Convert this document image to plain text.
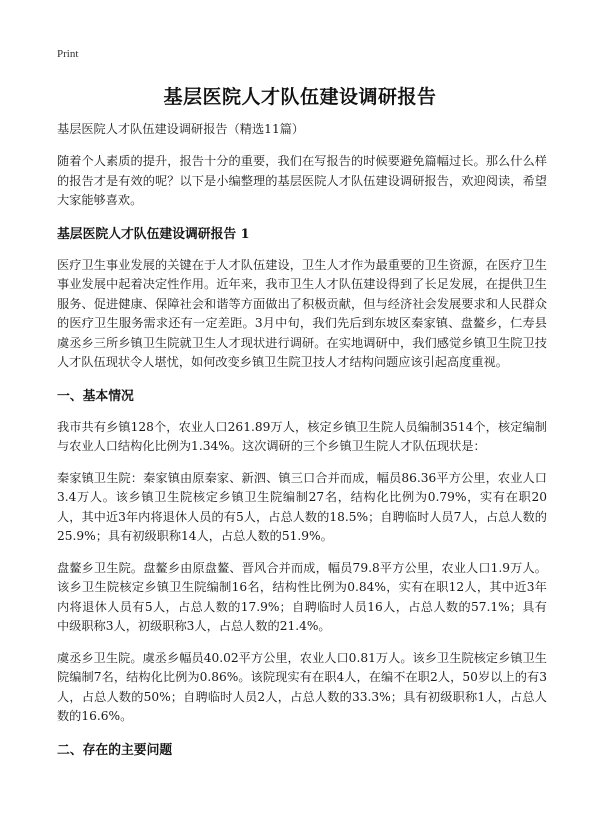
Print
基层医院人才队伍建设调研报告

基层医院人才队伍建设调研报告（精选11篇）

随着个人素质的提升，报告十分的重要，我们在写报告的时候要避免篇幅过长。那么什么样的报告才是有效的呢？以下是小编整理的基层医院人才队伍建设调研报告，欢迎阅读，希望大家能够喜欢。

基层医院人才队伍建设调研报告 1

医疗卫生事业发展的关键在于人才队伍建设，卫生人才作为最重要的卫生资源，在医疗卫生事业发展中起着决定性作用。近年来，我市卫生人才队伍建设得到了长足发展，在提供卫生服务、促进健康、保障社会和谐等方面做出了积极贡献，但与经济社会发展要求和人民群众的医疗卫生服务需求还有一定差距。3月中旬，我们先后到东坡区秦家镇、盘鳌乡，仁寿县虞丞乡三所乡镇卫生院就卫生人才现状进行调研。在实地调研中，我们感觉乡镇卫生院卫技人才队伍现状令人堪忧，如何改变乡镇卫生院卫技人才结构问题应该引起高度重视。

一、基本情况

我市共有乡镇128个，农业人口261.89万人，核定乡镇卫生院人员编制3514个，核定编制与农业人口结构化比例为1.34%。这次调研的三个乡镇卫生院人才队伍现状是：

秦家镇卫生院：秦家镇由原秦家、新泗、镇三口合并而成，幅员86.36平方公里，农业人口3.4万人。该乡镇卫生院核定乡镇卫生院编制27名，结构化比例为0.79%，实有在职20人，其中近3年内将退休人员的有5人，占总人数的18.5%；自聘临时人员7人，占总人数的25.9%；具有初级职称14人，占总人数的51.9%。

盘鳌乡卫生院。盘鳌乡由原盘鳌、晋风合并而成，幅员79.8平方公里，农业人口1.9万人。该乡卫生院核定乡镇卫生院编制16名，结构性比例为0.84%，实有在职12人，其中近3年内将退休人员有5人，占总人数的17.9%；自聘临时人员16人，占总人数的57.1%；具有中级职称3人，初级职称3人，占总人数的21.4%。

虞丞乡卫生院。虞丞乡幅员40.02平方公里，农业人口0.81万人。该乡卫生院核定乡镇卫生院编制7名，结构化比例为0.86%。该院现实有在职4人，在编不在职2人，50岁以上的有3人，占总人数的50%；自聘临时人员2人，占总人数的33.3%；具有初级职称1人，占总人数的16.6%。

二、存在的主要问题
